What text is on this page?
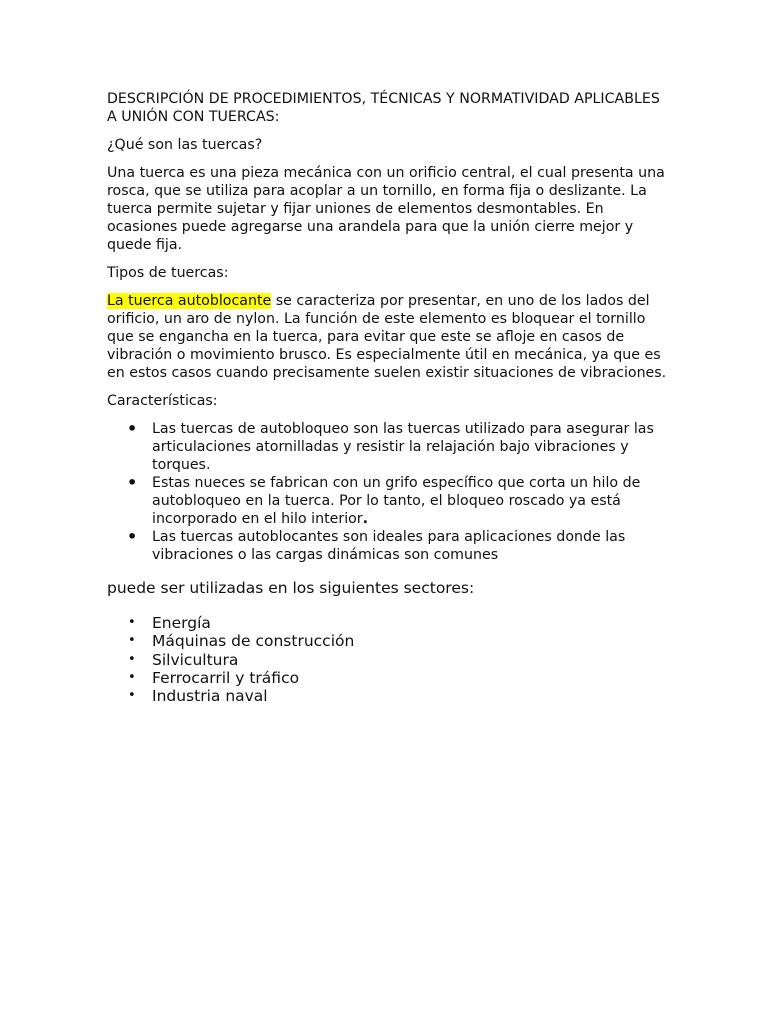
DESCRIPCIÓN DE PROCEDIMIENTOS, TÉCNICAS Y NORMATIVIDAD APLICABLES A UNIÓN CON TUERCAS:

¿Qué son las tuercas?

Una tuerca es una pieza mecánica con un orificio central, el cual presenta una rosca, que se utiliza para acoplar a un tornillo, en forma fija o deslizante. La tuerca permite sujetar y fijar uniones de elementos desmontables. En ocasiones puede agregarse una arandela para que la unión cierre mejor y quede fija.

Tipos de tuercas:

La tuerca autoblocante se caracteriza por presentar, en uno de los lados del orificio, un aro de nylon. La función de este elemento es bloquear el tornillo que se engancha en la tuerca, para evitar que este se afloje en casos de vibración o movimiento brusco. Es especialmente útil en mecánica, ya que es en estos casos cuando precisamente suelen existir situaciones de vibraciones.

Características:

• Las tuercas de autobloqueo son las tuercas utilizado para asegurar las articulaciones atornilladas y resistir la relajación bajo vibraciones y torques.
• Estas nueces se fabrican con un grifo específico que corta un hilo de autobloqueo en la tuerca. Por lo tanto, el bloqueo roscado ya está incorporado en el hilo interior.
• Las tuercas autoblocantes son ideales para aplicaciones donde las vibraciones o las cargas dinámicas son comunes

puede ser utilizadas en los siguientes sectores:

• Energía
• Máquinas de construcción
• Silvicultura
• Ferrocarril y tráfico
• Industria naval
